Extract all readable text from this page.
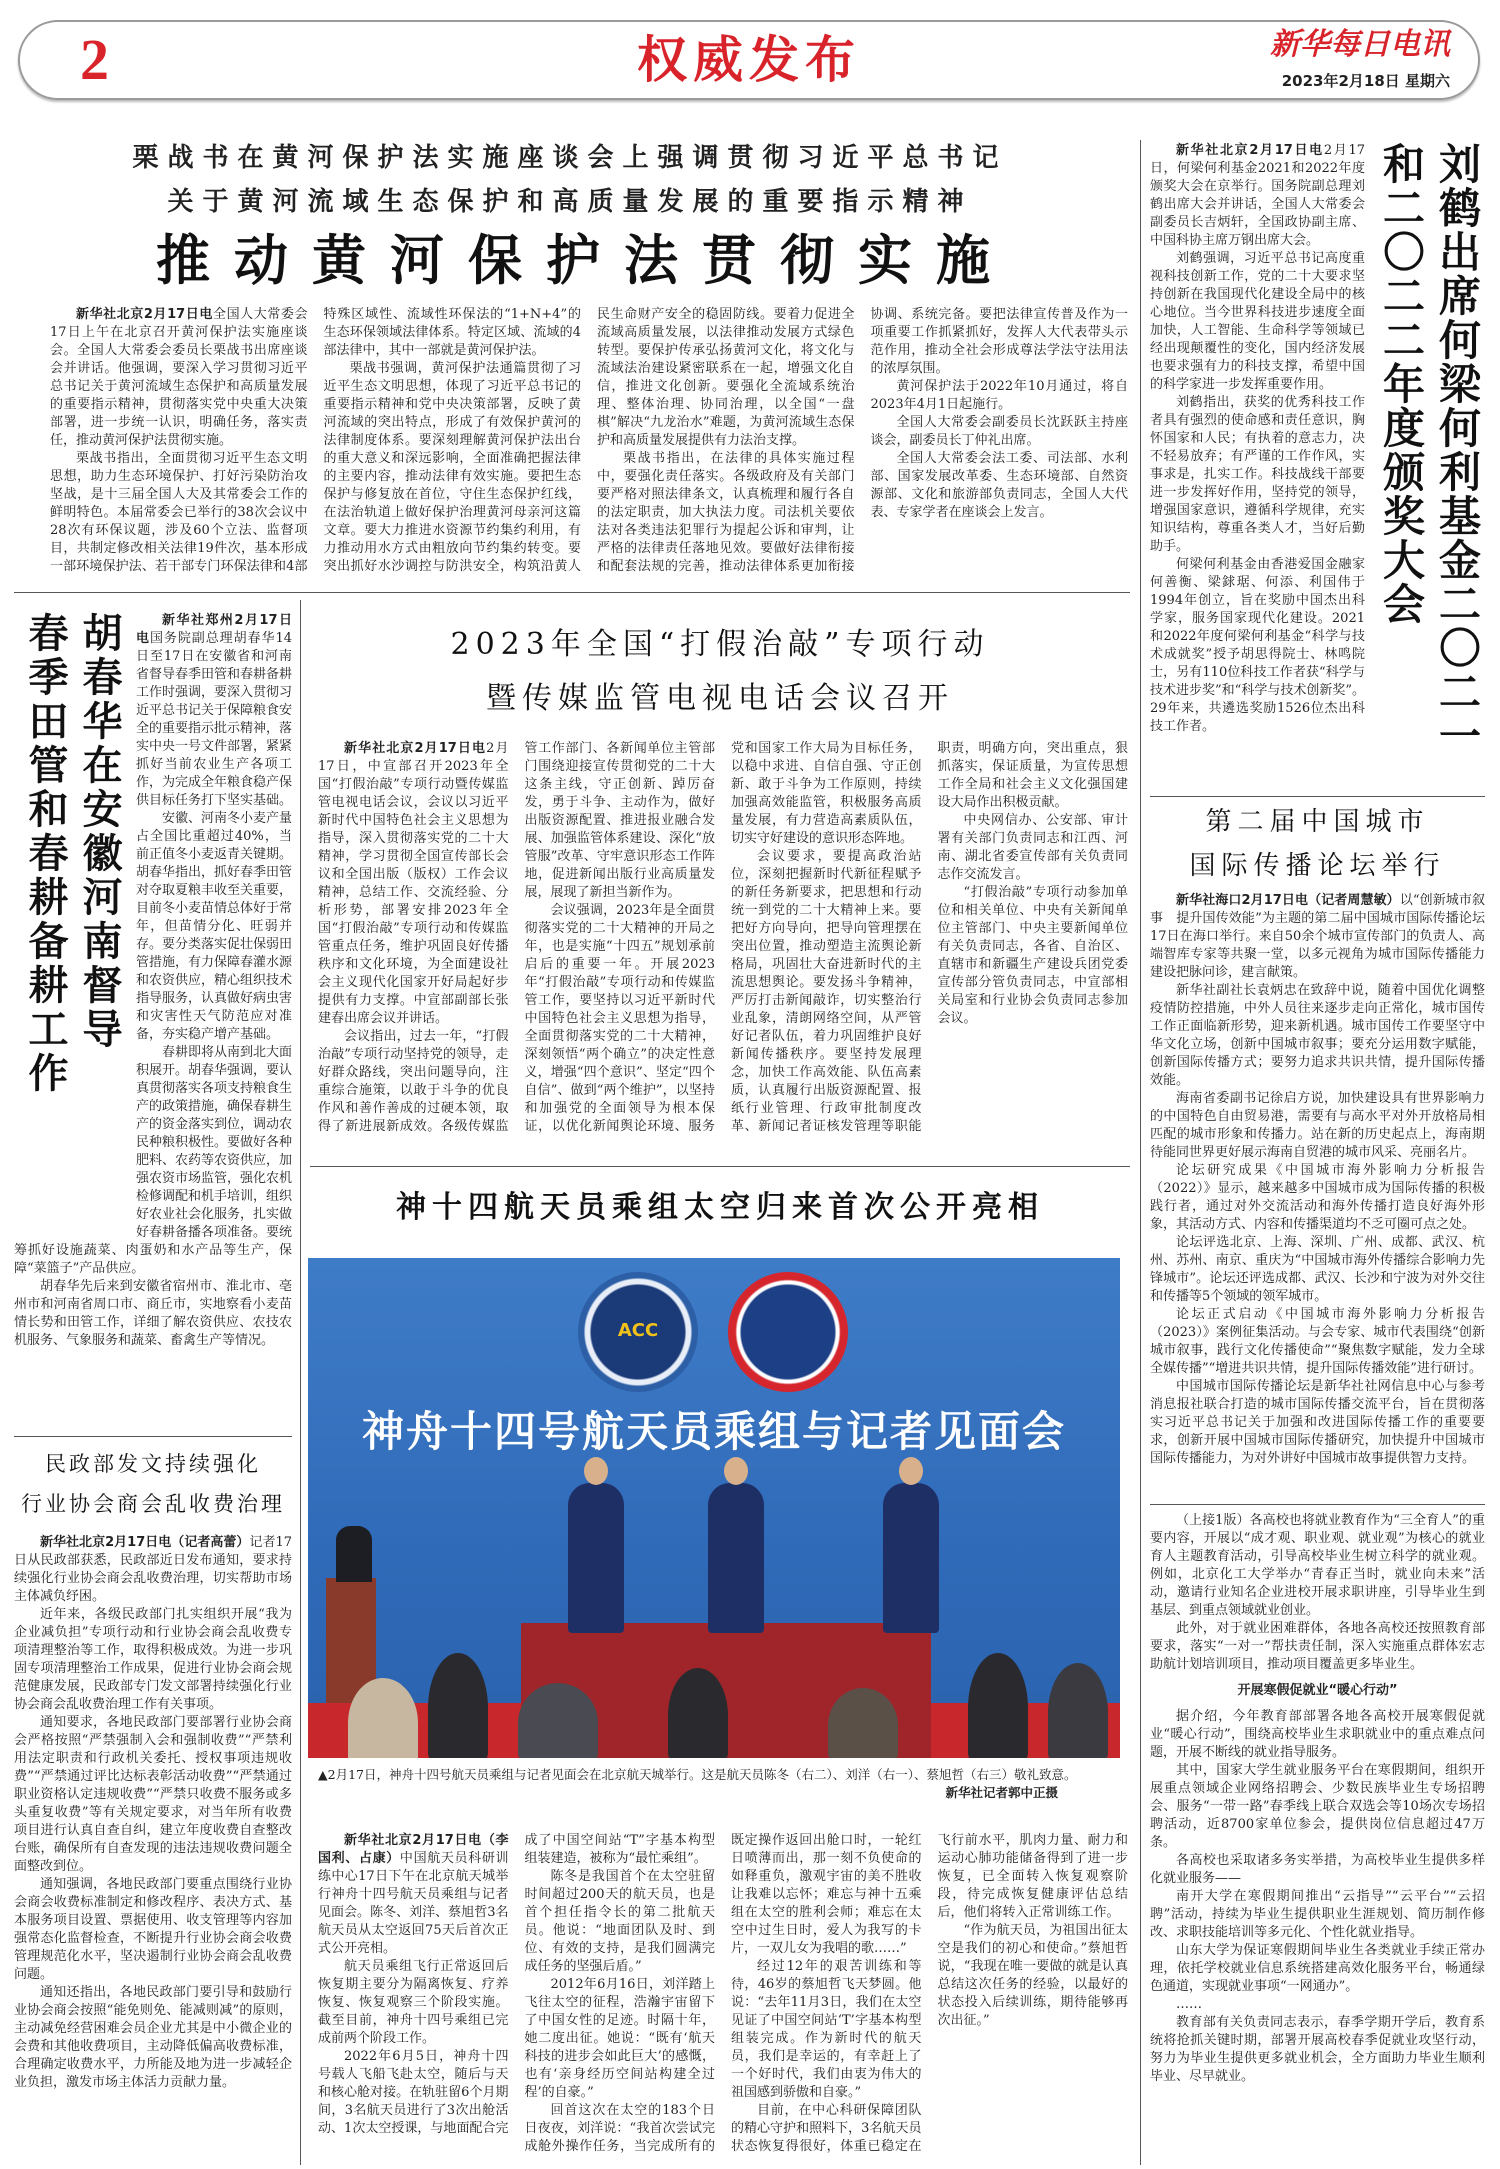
2	权威发布	新华每日电讯
2023年2月18日 星期六
栗战书在黄河保护法实施座谈会上强调贯彻习近平总书记
关于黄河流域生态保护和高质量发展的重要指示精神
推动黄河保护法贯彻实施

新华社北京2月17日电全国人大常委会17日上午在北京召开黄河保护法实施座谈会。全国人大常委会委员长栗战书出席座谈会并讲话。他强调，要深入学习贯彻习近平总书记关于黄河流域生态保护和高质量发展的重要指示精神，贯彻落实党中央重大决策部署，进一步统一认识，明确任务，落实责任，推动黄河保护法贯彻实施。

栗战书指出，全面贯彻习近平生态文明思想，助力生态环境保护、打好污染防治攻坚战，是十三届全国人大及其常委会工作的鲜明特色。本届常委会已举行的38次会议中28次有环保议题，涉及60个立法、监督项目，共制定修改相关法律19件次，基本形成一部环境保护法、若干部专门环保法律和4部特殊区域性、流域性环保法的“1+N+4”的生态环保领域法律体系。特定区域、流域的4部法律中，其中一部就是黄河保护法。

栗战书强调，黄河保护法通篇贯彻了习近平生态文明思想，体现了习近平总书记的重要指示精神和党中央决策部署，反映了黄河流域的突出特点，形成了有效保护黄河的法律制度体系。要深刻理解黄河保护法出台的重大意义和深远影响，全面准确把握法律的主要内容，推动法律有效实施。要把生态保护与修复放在首位，守住生态保护红线，在法治轨道上做好保护治理黄河母亲河这篇文章。要大力推进水资源节约集约利用，有力推动用水方式由粗放向节约集约转变。要突出抓好水沙调控与防洪安全，构筑沿黄人民生命财产安全的稳固防线。要着力促进全流域高质量发展，以法律推动发展方式绿色转型。要保护传承弘扬黄河文化，将文化与流域法治建设紧密联系在一起，增强文化自信，推进文化创新。要强化全流域系统治理、整体治理、协同治理，以全国“一盘棋”解决“九龙治水”难题，为黄河流域生态保护和高质量发展提供有力法治支撑。

栗战书指出，在法律的具体实施过程中，要强化责任落实。各级政府及有关部门要严格对照法律条文，认真梳理和履行各自的法定职责，加大执法力度。司法机关要依法对各类违法犯罪行为提起公诉和审判，让严格的法律责任落地见效。要做好法律衔接和配套法规的完善，推动法律体系更加衔接协调、系统完备。要把法律宣传普及作为一项重要工作抓紧抓好，发挥人大代表带头示范作用，推动全社会形成尊法学法守法用法的浓厚氛围。

黄河保护法于2022年10月通过，将自2023年4月1日起施行。

全国人大常委会副委员长沈跃跃主持座谈会，副委员长丁仲礼出席。

全国人大常委会法工委、司法部、水利部、国家发展改革委、生态环境部、自然资源部、文化和旅游部负责同志，全国人大代表、专家学者在座谈会上发言。	刘鹤出席何梁何利基金二〇二一
和二〇二二年度颁奖大会

新华社北京2月17日电2月17日，何梁何利基金2021和2022年度颁奖大会在京举行。国务院副总理刘鹤出席大会并讲话，全国人大常委会副委员长吉炳轩，全国政协副主席、中国科协主席万钢出席大会。

刘鹤强调，习近平总书记高度重视科技创新工作，党的二十大要求坚持创新在我国现代化建设全局中的核心地位。当今世界科技进步速度全面加快，人工智能、生命科学等领域已经出现颠覆性的变化，国内经济发展也要求强有力的科技支撑，希望中国的科学家进一步发挥重要作用。

刘鹤指出，获奖的优秀科技工作者具有强烈的使命感和责任意识，胸怀国家和人民；有执着的意志力，决不轻易放弃；有严谨的工作作风，实事求是，扎实工作。科技战线干部要进一步发挥好作用，坚持党的领导，增强国家意识，遵循科学规律，充实知识结构，尊重各类人才，当好后勤助手。

何梁何利基金由香港爱国金融家何善衡、梁銶琚、何添、利国伟于1994年创立，旨在奖励中国杰出科学家，服务国家现代化建设。2021和2022年度何梁何利基金“科学与技术成就奖”授予胡思得院士、林鸣院士，另有110位科技工作者获“科学与技术进步奖”和“科学与技术创新奖”。29年来，共遴选奖励1526位杰出科技工作者。

第二届中国城市
国际传播论坛举行

新华社海口2月17日电（记者周慧敏）以“创新城市叙事　提升国传效能”为主题的第二届中国城市国际传播论坛17日在海口举行。来自50余个城市宣传部门的负责人、高端智库专家等共聚一堂，以多元视角为城市国际传播能力建设把脉问诊，建言献策。

新华社副社长袁炳忠在致辞中说，随着中国优化调整疫情防控措施，中外人员往来逐步走向正常化，城市国传工作正面临新形势，迎来新机遇。城市国传工作要坚守中华文化立场，创新中国城市叙事；要充分运用数字赋能，创新国际传播方式；要努力追求共识共情，提升国际传播效能。

海南省委副书记徐启方说，加快建设具有世界影响力的中国特色自由贸易港，需要有与高水平对外开放格局相匹配的城市形象和传播力。站在新的历史起点上，海南期待能同世界更好展示海南自贸港的城市风采、亮丽名片。

论坛研究成果《中国城市海外影响力分析报告（2022）》显示，越来越多中国城市成为国际传播的积极践行者，通过对外交流活动和海外传播打造良好海外形象，其活动方式、内容和传播渠道均不乏可圈可点之处。

论坛评选北京、上海、深圳、广州、成都、武汉、杭州、苏州、南京、重庆为“中国城市海外传播综合影响力先锋城市”。论坛还评选成都、武汉、长沙和宁波为对外交往和传播等5个领域的领军城市。

论坛正式启动《中国城市海外影响力分析报告（2023）》案例征集活动。与会专家、城市代表围绕“创新城市叙事，践行文化传播使命”“聚焦数字赋能，发力全球全媒传播”“增进共识共情，提升国际传播效能”进行研讨。

中国城市国际传播论坛是新华社社网信息中心与参考消息报社联合打造的城市国际传播交流平台，旨在贯彻落实习近平总书记关于加强和改进国际传播工作的重要要求，创新开展中国城市国际传播研究，加快提升中国城市国际传播能力，为对外讲好中国城市故事提供智力支持。

（上接1版）各高校也将就业教育作为“三全育人”的重要内容，开展以“成才观、职业观、就业观”为核心的就业育人主题教育活动，引导高校毕业生树立科学的就业观。例如，北京化工大学举办“青春正当时，就业向未来”活动，邀请行业知名企业进校开展求职讲座，引导毕业生到基层、到重点领域就业创业。

此外，对于就业困难群体，各地各高校还按照教育部要求，落实“一对一”帮扶责任制，深入实施重点群体宏志助航计划培训项目，推动项目覆盖更多毕业生。

开展寒假促就业“暖心行动”

据介绍，今年教育部部署各地各高校开展寒假促就业“暖心行动”，围绕高校毕业生求职就业中的重点难点问题，开展不断线的就业指导服务。

其中，国家大学生就业服务平台在寒假期间，组织开展重点领域企业网络招聘会、少数民族毕业生专场招聘会、服务“一带一路”春季线上联合双选会等10场次专场招聘活动，近8700家单位参会，提供岗位信息超过47万条。

各高校也采取诸多务实举措，为高校毕业生提供多样化就业服务——

南开大学在寒假期间推出“云指导”“云平台”“云招聘”活动，持续为毕业生提供职业生涯规划、简历制作修改、求职技能培训等多元化、个性化就业指导。

山东大学为保证寒假期间毕业生各类就业手续正常办理，依托学校就业信息系统搭建高效化服务平台，畅通绿色通道，实现就业事项“一网通办”。

……

教育部有关负责同志表示，春季学期开学后，教育系统将抢抓关键时期，部署开展高校春季促就业攻坚行动，努力为毕业生提供更多就业机会，全方面助力毕业生顺利毕业、尽早就业。

胡春华在安徽河南督导
春季田管和春耕备耕工作	新华社郑州2月17日电国务院副总理胡春华14日至17日在安徽省和河南省督导春季田管和春耕备耕工作时强调，要深入贯彻习近平总书记关于保障粮食安全的重要指示批示精神，落实中央一号文件部署，紧紧抓好当前农业生产各项工作，为完成全年粮食稳产保供目标任务打下坚实基础。

安徽、河南冬小麦产量占全国比重超过40%，当前正值冬小麦返青关键期。胡春华指出，抓好春季田管对夺取夏粮丰收至关重要，目前冬小麦苗情总体好于常年，但苗情分化、旺弱并存。要分类落实促壮保弱田管措施，有力保障春灌水源和农资供应，精心组织技术指导服务，认真做好病虫害和灾害性天气防范应对准备，夯实稳产增产基础。

春耕即将从南到北大面积展开。胡春华强调，要认真贯彻落实各项支持粮食生产的政策措施，确保春耕生产的资金落实到位，调动农民种粮积极性。要做好各种肥料、农药等农资供应，加强农资市场监管，强化农机检修调配和机手培训，组织好农业社会化服务，扎实做好春耕备播各项准备。要统筹抓好设施蔬菜、肉蛋奶和水产品等生产，保障“菜篮子”产品供应。

胡春华先后来到安徽省宿州市、淮北市、亳州市和河南省周口市、商丘市，实地察看小麦苗情长势和田管工作，详细了解农资供应、农技农机服务、气象服务和蔬菜、畜禽生产等情况。

民政部发文持续强化
行业协会商会乱收费治理

新华社北京2月17日电（记者高蕾）记者17日从民政部获悉，民政部近日发布通知，要求持续强化行业协会商会乱收费治理，切实帮助市场主体减负纾困。

近年来，各级民政部门扎实组织开展“我为企业减负担”专项行动和行业协会商会乱收费专项清理整治等工作，取得积极成效。为进一步巩固专项清理整治工作成果，促进行业协会商会规范健康发展，民政部专门发文部署持续强化行业协会商会乱收费治理工作有关事项。

通知要求，各地民政部门要部署行业协会商会严格按照“严禁强制入会和强制收费”“严禁利用法定职责和行政机关委托、授权事项违规收费”“严禁通过评比达标表彰活动收费”“严禁通过职业资格认定违规收费”“严禁只收费不服务或多头重复收费”等有关规定要求，对当年所有收费项目进行认真自查自纠，建立年度收费自查整改台账，确保所有自查发现的违法违规收费问题全面整改到位。

通知强调，各地民政部门要重点围绕行业协会商会收费标准制定和修改程序、表决方式、基本服务项目设置、票据使用、收支管理等内容加强常态化监督检查，不断提升行业协会商会收费管理规范化水平，坚决遏制行业协会商会乱收费问题。

通知还指出，各地民政部门要引导和鼓励行业协会商会按照“能免则免、能减则减”的原则，主动减免经营困难会员企业尤其是中小微企业的会费和其他收费项目，主动降低偏高收费标准，合理确定收费水平，力所能及地为进一步减轻企业负担，激发市场主体活力贡献力量。

2023年全国“打假治敲”专项行动
暨传媒监管电视电话会议召开

新华社北京2月17日电2月17日，中宣部召开2023年全国“打假治敲”专项行动暨传媒监管电视电话会议，会议以习近平新时代中国特色社会主义思想为指导，深入贯彻落实党的二十大精神，学习贯彻全国宣传部长会议和全国出版（版权）工作会议精神，总结工作、交流经验、分析形势，部署安排2023年全国“打假治敲”专项行动和传媒监管重点任务，维护巩固良好传播秩序和文化环境，为全面建设社会主义现代化国家开好局起好步提供有力支撑。中宣部副部长张建春出席会议并讲话。

会议指出，过去一年，“打假治敲”专项行动坚持党的领导，走好群众路线，突出问题导向，注重综合施策，以敢于斗争的优良作风和善作善成的过硬本领，取得了新进展新成效。各级传媒监管工作部门、各新闻单位主管部门围绕迎接宣传贯彻党的二十大这条主线，守正创新、踔厉奋发，勇于斗争、主动作为，做好出版资源配置、推进报业融合发展、加强监管体系建设、深化“放管服”改革、守牢意识形态工作阵地，促进新闻出版行业高质量发展，展现了新担当新作为。

会议强调，2023年是全面贯彻落实党的二十大精神的开局之年，也是实施“十四五”规划承前启后的重要一年。开展2023年“打假治敲”专项行动和传媒监管工作，要坚持以习近平新时代中国特色社会主义思想为指导，全面贯彻落实党的二十大精神，深刻领悟“两个确立”的决定性意义，增强“四个意识”、坚定“四个自信”、做到“两个维护”，以坚持和加强党的全面领导为根本保证，以优化新闻舆论环境、服务党和国家工作大局为目标任务，以稳中求进、自信自强、守正创新、敢于斗争为工作原则，持续加强高效能监管，积极服务高质量发展，有力营造高素质队伍，切实守好建设的意识形态阵地。

会议要求，要提高政治站位，深刻把握新时代新征程赋予的新任务新要求，把思想和行动统一到党的二十大精神上来。要把好方向导向，把导向管理摆在突出位置，推动塑造主流舆论新格局，巩固壮大奋进新时代的主流思想舆论。要发扬斗争精神，严厉打击新闻敲诈，切实整治行业乱象，清朗网络空间，从严管好记者队伍，着力巩固维护良好新闻传播秩序。要坚持发展理念，加快工作高效能、队伍高素质，认真履行出版资源配置、报纸行业管理、行政审批制度改革、新闻记者证核发管理等职能职责，明确方向，突出重点，狠抓落实，保证质量，为宣传思想工作全局和社会主义文化强国建设大局作出积极贡献。

中央网信办、公安部、审计署有关部门负责同志和江西、河南、湖北省委宣传部有关负责同志作交流发言。

“打假治敲”专项行动参加单位和相关单位、中央有关新闻单位主管部门、中央主要新闻单位有关负责同志，各省、自治区、直辖市和新疆生产建设兵团党委宣传部分管负责同志，中宣部相关局室和行业协会负责同志参加会议。

神十四航天员乘组太空归来首次公开亮相
ACC
神舟十四号航天员乘组与记者见面会
▲2月17日，神舟十四号航天员乘组与记者见面会在北京航天城举行。这是航天员陈冬（右二）、刘洋（右一）、蔡旭哲（右三）敬礼致意。
新华社记者郭中正摄

新华社北京2月17日电（李国利、占康）中国航天员科研训练中心17日下午在北京航天城举行神舟十四号航天员乘组与记者见面会。陈冬、刘洋、蔡旭哲3名航天员从太空返回75天后首次正式公开亮相。

航天员乘组飞行正常返回后恢复期主要分为隔离恢复、疗养恢复、恢复观察三个阶段实施。截至目前，神舟十四号乘组已完成前两个阶段工作。

2022年6月5日，神舟十四号载人飞船飞赴太空，随后与天和核心舱对接。在轨驻留6个月期间，3名航天员进行了3次出舱活动、1次太空授课，与地面配合完成了中国空间站“T”字基本构型组装建造，被称为“最忙乘组”。

陈冬是我国首个在太空驻留时间超过200天的航天员，也是首个担任指令长的第二批航天员。他说：“地面团队及时、到位、有效的支持，是我们圆满完成任务的坚强后盾。”

2012年6月16日，刘洋踏上飞往太空的征程，浩瀚宇宙留下了中国女性的足迹。时隔十年，她二度出征。她说：“既有‘航天科技的进步会如此巨大’的感慨，也有‘亲身经历空间站构建全过程’的自豪。”

回首这次在太空的183个日日夜夜，刘洋说：“我首次尝试完成舱外操作任务，当完成所有的既定操作返回出舱口时，一轮红日喷薄而出，那一刻不负使命的如释重负，激观宇宙的美不胜收让我难以忘怀；难忘与神十五乘组在太空的胜利会师；难忘在太空中过生日时，爱人为我写的卡片，一双儿女为我唱的歌……”

经过12年的艰苦训练和等待，46岁的蔡旭哲飞天梦圆。他说：“去年11月3日，我们在太空见证了中国空间站‘T’字基本构型组装完成。作为新时代的航天员，我们是幸运的，有幸赶上了一个好时代，我们由衷为伟大的祖国感到骄傲和自豪。”

目前，在中心科研保障团队的精心守护和照料下，3名航天员状态恢复得很好，体重已稳定在飞行前水平，肌肉力量、耐力和运动心肺功能储备得到了进一步恢复，已全面转入恢复观察阶段，待完成恢复健康评估总结后，他们将转入正常训练工作。

“作为航天员，为祖国出征太空是我们的初心和使命。”蔡旭哲说，“我现在唯一要做的就是认真总结这次任务的经验，以最好的状态投入后续训练，期待能够再次出征。”
